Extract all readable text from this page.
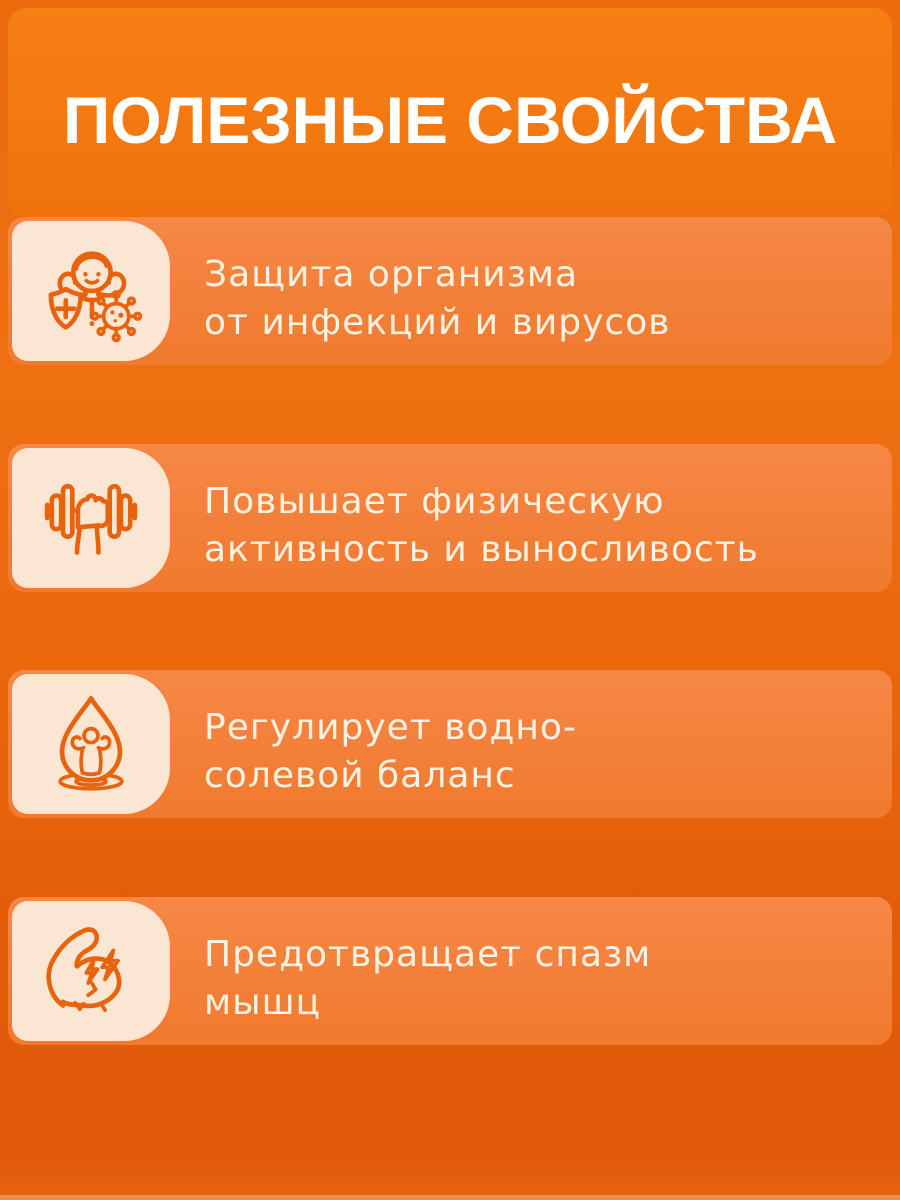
ПОЛЕЗНЫЕ СВОЙСТВА
Защита организма
от инфекций и вирусов
Повышает физическую
активность и выносливость
Регулирует водно-
солевой баланс
Предотвращает спазм
мышц
